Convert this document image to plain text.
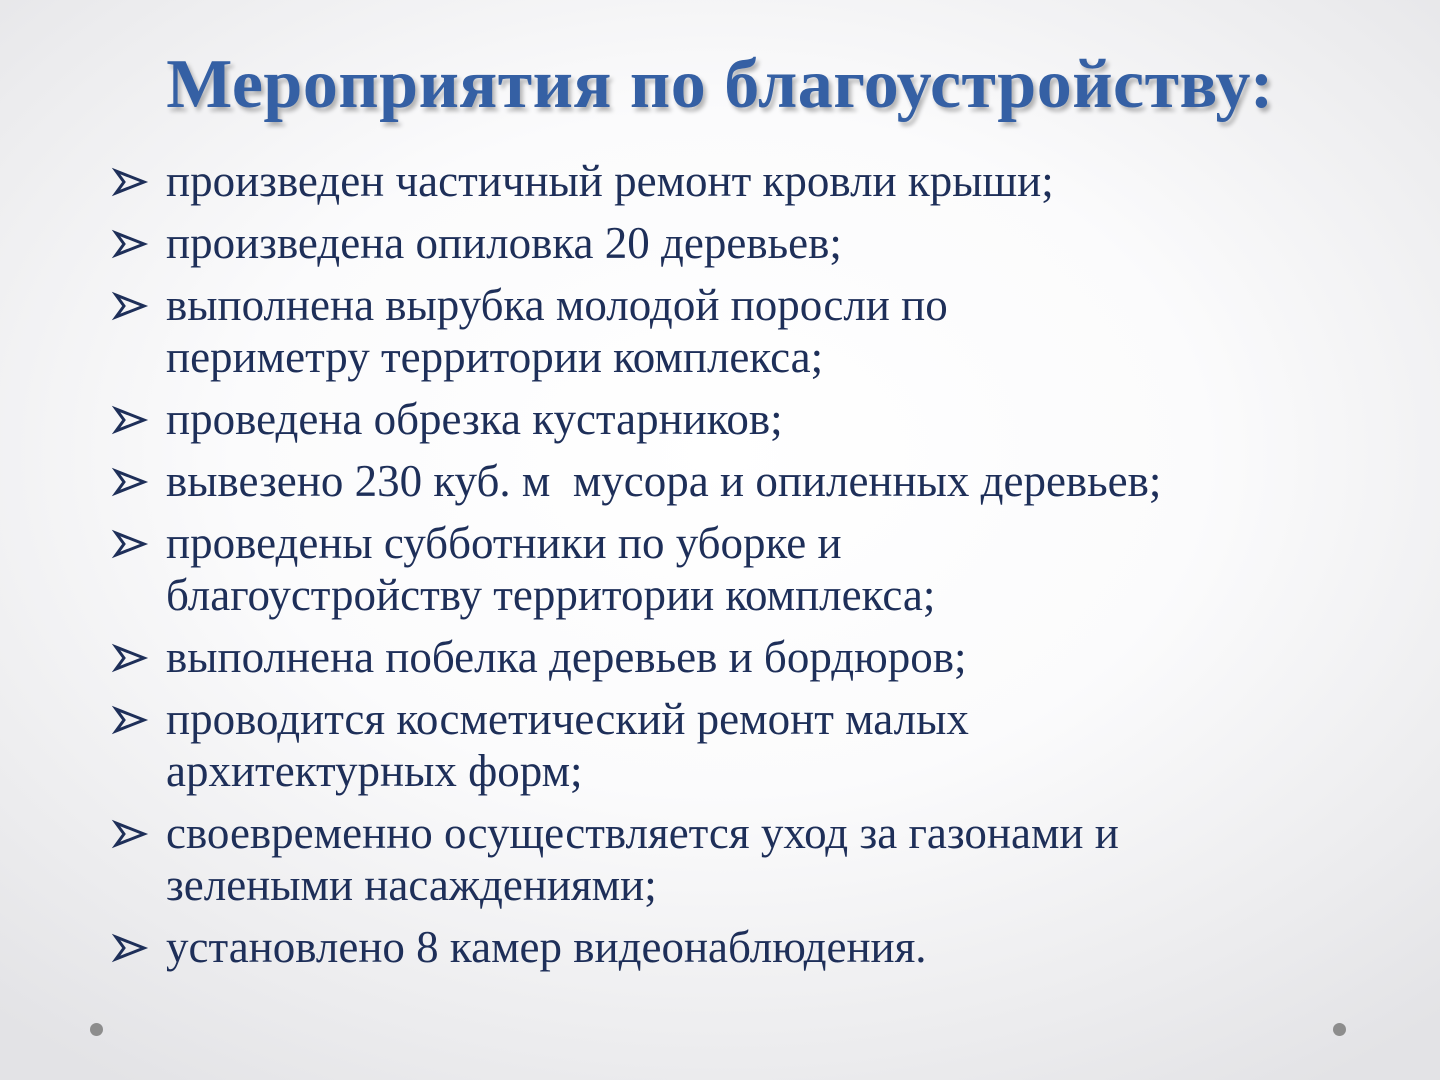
Мероприятия по благоустройству:
произведен частичный ремонт кровли крыши;
произведена опиловка 20 деревьев;
выполнена вырубка молодой поросли по
периметру территории комплекса;
проведена обрезка кустарников;
вывезено 230 куб. м  мусора и опиленных деревьев;
проведены субботники по уборке и
благоустройству территории комплекса;
выполнена побелка деревьев и бордюров;
проводится косметический ремонт малых
архитектурных форм;
своевременно осуществляется уход за газонами и
зелеными насаждениями;
установлено 8 камер видеонаблюдения.
